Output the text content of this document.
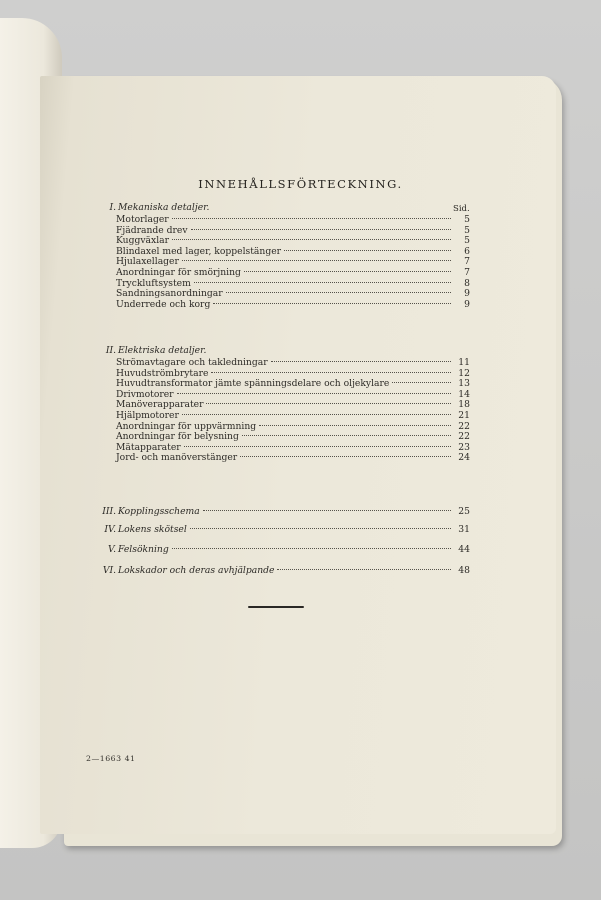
INNEHÅLLSFÖRTECKNING.
Sid.
I. Mekaniska detaljer.
Motorlager	5
Fjädrande drev	5
Kuggväxlar	5
Blindaxel med lager, koppelstänger	6
Hjulaxellager	7
Anordningar för smörjning	7
Tryckluftsystem	8
Sandningsanordningar	9
Underrede och korg	9
II. Elektriska detaljer.
Strömavtagare och takledningar	11
Huvudströmbrytare	12
Huvudtransformator jämte spänningsdelare och oljekylare	13
Drivmotorer	14
Manöverapparater	18
Hjälpmotorer	21
Anordningar för uppvärmning	22
Anordningar för belysning	22
Mätapparater	23
Jord- och manöverstänger	24
III. Kopplingsschema	25
IV. Lokens skötsel	31
V. Felsökning	44
VI. Lokskador och deras avhjälpande	48
2—1663 41
